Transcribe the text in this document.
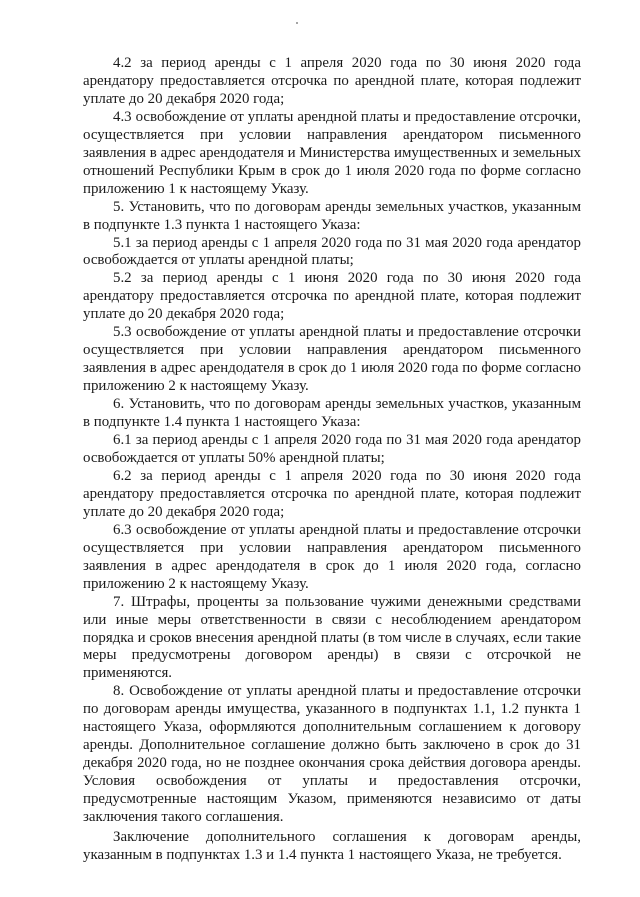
4.2 за период аренды с 1 апреля 2020 года по 30 июня 2020 года арендатору предоставляется отсрочка по арендной плате, которая подлежит уплате до 20 декабря 2020 года;

4.3 освобождение от уплаты арендной платы и предоставление отсрочки, осуществляется при условии направления арендатором письменного заявления в адрес арендодателя и Министерства имущественных и земельных отношений Республики Крым в срок до 1 июля 2020 года по форме согласно приложению 1 к настоящему Указу.

5. Установить, что по договорам аренды земельных участков, указанным в подпункте 1.3 пункта 1 настоящего Указа:

5.1 за период аренды с 1 апреля 2020 года по 31 мая 2020 года арендатор освобождается от уплаты арендной платы;

5.2 за период аренды с 1 июня 2020 года по 30 июня 2020 года арендатору предоставляется отсрочка по арендной плате, которая подлежит уплате до 20 декабря 2020 года;

5.3 освобождение от уплаты арендной платы и предоставление отсрочки осуществляется при условии направления арендатором письменного заявления в адрес арендодателя в срок до 1 июля 2020 года по форме согласно приложению 2 к настоящему Указу.

6. Установить, что по договорам аренды земельных участков, указанным в подпункте 1.4 пункта 1 настоящего Указа:

6.1 за период аренды с 1 апреля 2020 года по 31 мая 2020 года арендатор освобождается от уплаты 50% арендной платы;

6.2 за период аренды с 1 апреля 2020 года по 30 июня 2020 года арендатору предоставляется отсрочка по арендной плате, которая подлежит уплате до 20 декабря 2020 года;

6.3 освобождение от уплаты арендной платы и предоставление отсрочки осуществляется при условии направления арендатором письменного заявления в адрес арендодателя в срок до 1 июля 2020 года, согласно приложению 2 к настоящему Указу.

7. Штрафы, проценты за пользование чужими денежными средствами или иные меры ответственности в связи с несоблюдением арендатором порядка и сроков внесения арендной платы (в том числе в случаях, если такие меры предусмотрены договором аренды) в связи с отсрочкой не применяются.

8. Освобождение от уплаты арендной платы и предоставление отсрочки по договорам аренды имущества, указанного в подпунктах 1.1, 1.2 пункта 1 настоящего Указа, оформляются дополнительным соглашением к договору аренды. Дополнительное соглашение должно быть заключено в срок до 31 декабря 2020 года, но не позднее окончания срока действия договора аренды. Условия освобождения от уплаты и предоставления отсрочки, предусмотренные настоящим Указом, применяются независимо от даты заключения такого соглашения.

Заключение дополнительного соглашения к договорам аренды, указанным в подпунктах 1.3 и 1.4 пункта 1 настоящего Указа, не требуется.
